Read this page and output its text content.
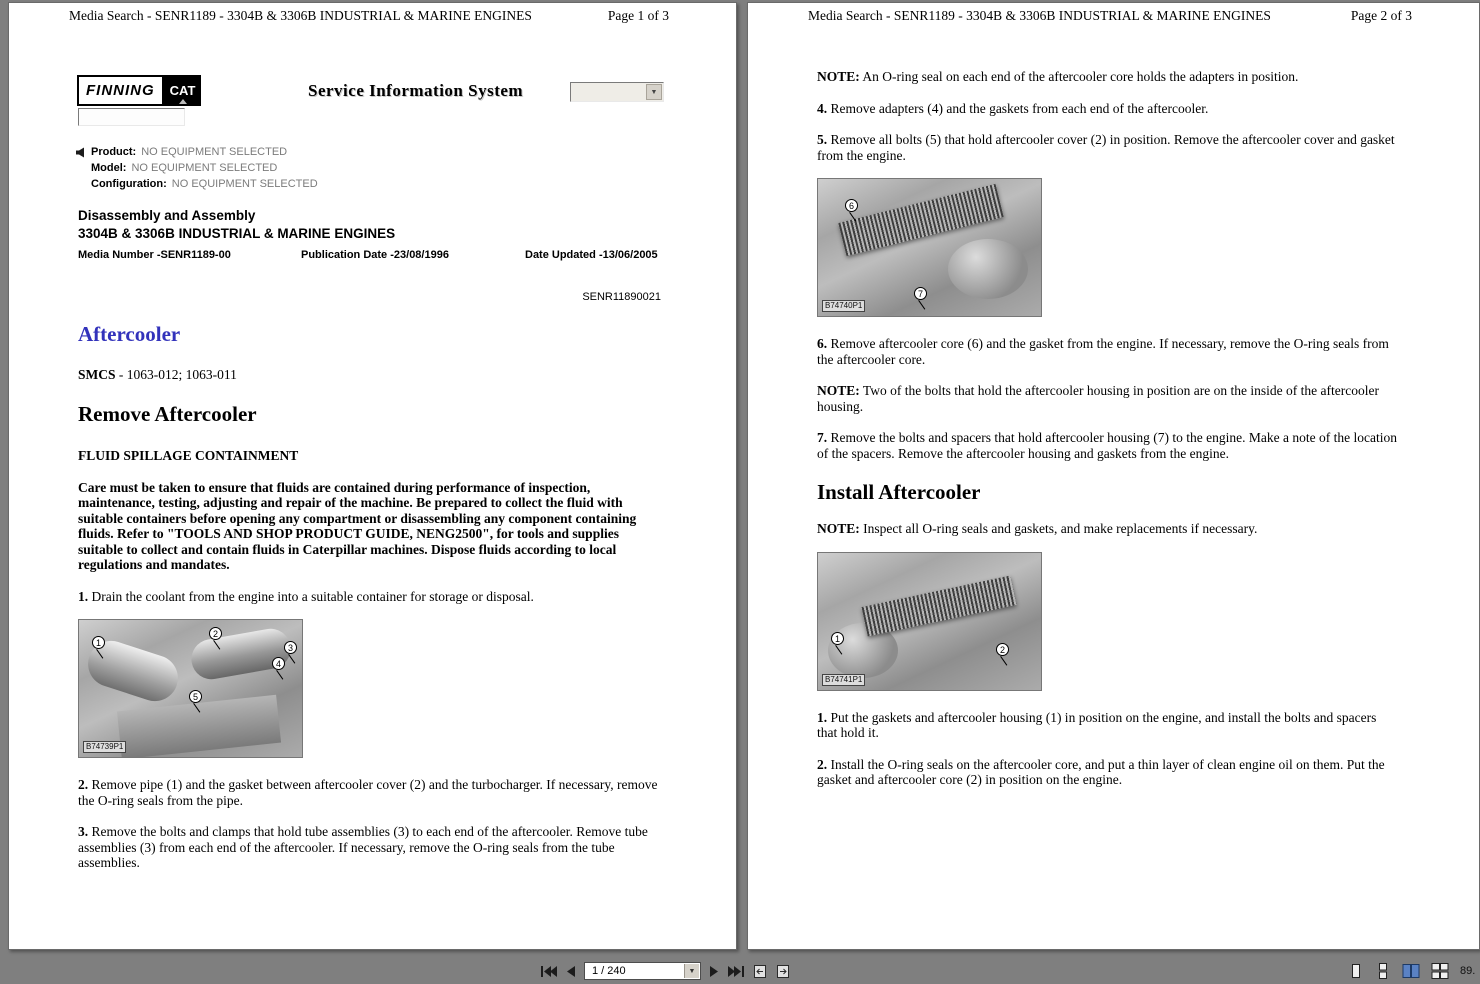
Media Search - SENR1189 - 3304B & 3306B INDUSTRIAL & MARINE ENGINES	Page 1 of 3
FINNING	CAT	Service Information System	▼
Product: NO EQUIPMENT SELECTED
Model: NO EQUIPMENT SELECTED
Configuration: NO EQUIPMENT SELECTED
Disassembly and Assembly
3304B & 3306B INDUSTRIAL & MARINE ENGINES
Media Number -SENR1189-00	Publication Date -23/08/1996	Date Updated -13/06/2005
SENR11890021
Aftercooler

SMCS - 1063-012; 1063-011

Remove Aftercooler
FLUID SPILLAGE CONTAINMENT

Care must be taken to ensure that fluids are contained during performance of inspection, maintenance, testing, adjusting and repair of the machine. Be prepared to collect the fluid with suitable containers before opening any compartment or disassembling any component containing fluids. Refer to "TOOLS AND SHOP PRODUCT GUIDE, NENG2500", for tools and supplies suitable to collect and contain fluids in Caterpillar machines. Dispose fluids according to local regulations and mandates.

1. Drain the coolant from the engine into a suitable container for storage or disposal.

1
2
3
4
5
B74739P1

2. Remove pipe (1) and the gasket between aftercooler cover (2) and the turbocharger. If necessary, remove the O-ring seals from the pipe.

3. Remove the bolts and clamps that hold tube assemblies (3) to each end of the aftercooler. Remove tube assemblies (3) from each end of the aftercooler. If necessary, remove the O-ring seals from the tube assemblies.

Media Search - SENR1189 - 3304B & 3306B INDUSTRIAL & MARINE ENGINES	Page 2 of 3

NOTE: An O-ring seal on each end of the aftercooler core holds the adapters in position.

4. Remove adapters (4) and the gaskets from each end of the aftercooler.

5. Remove all bolts (5) that hold aftercooler cover (2) in position. Remove the aftercooler cover and gasket from the engine.

6
7
B74740P1

6. Remove aftercooler core (6) and the gasket from the engine. If necessary, remove the O-ring seals from the aftercooler core.

NOTE: Two of the bolts that hold the aftercooler housing in position are on the inside of the aftercooler housing.

7. Remove the bolts and spacers that hold aftercooler housing (7) to the engine. Make a note of the location of the spacers. Remove the aftercooler housing and gaskets from the engine.

Install Aftercooler

NOTE: Inspect all O-ring seals and gaskets, and make replacements if necessary.

1
2
B74741P1

1. Put the gaskets and aftercooler housing (1) in position on the engine, and install the bolts and spacers that hold it.

2. Install the O-ring seals on the aftercooler core, and put a thin layer of clean engine oil on them. Put the gasket and aftercooler core (2) in position on the engine.

1 / 240	▼	89.
